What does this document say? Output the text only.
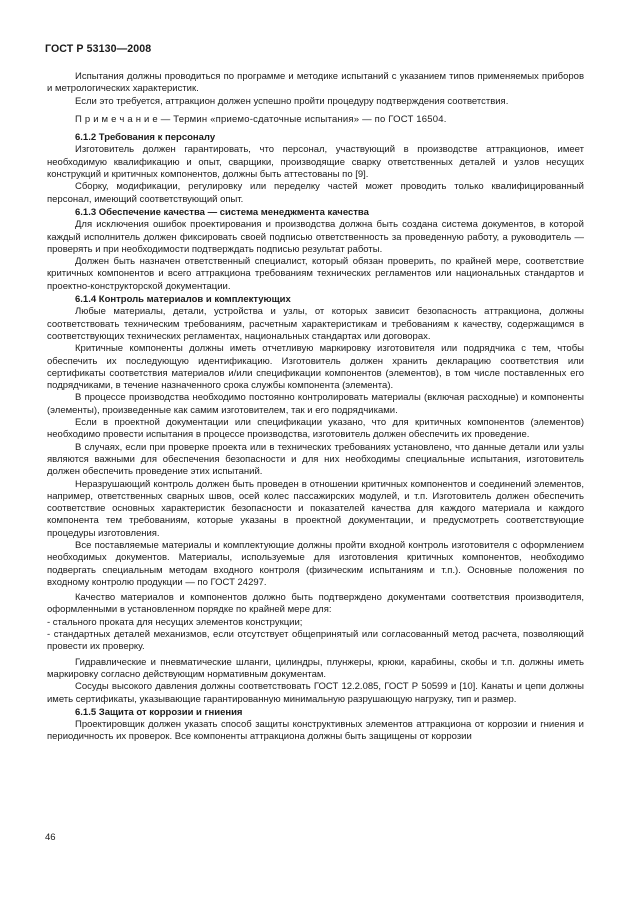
ГОСТ Р 53130—2008

Испытания должны проводиться по программе и методике испытаний с указанием типов применяемых приборов и метрологических характеристик.

Если это требуется, аттракцион должен успешно пройти процедуру подтверждения соответствия.

П р и м е ч а н и е — Термин «приемо-сдаточные испытания» — по ГОСТ 16504.

6.1.2 Требования к персоналу

Изготовитель должен гарантировать, что персонал, участвующий в производстве аттракционов, имеет необходимую квалификацию и опыт, сварщики, производящие сварку ответственных деталей и узлов несущих конструкций и критичных компонентов, должны быть аттестованы по [9].

Сборку, модификации, регулировку или переделку частей может проводить только квалифицированный персонал, имеющий соответствующий опыт.

6.1.3 Обеспечение качества — система менеджмента качества

Для исключения ошибок проектирования и производства должна быть создана система документов, в которой каждый исполнитель должен фиксировать своей подписью ответственность за проведенную работу, а руководитель — проверять и при необходимости подтверждать подписью результат работы.

Должен быть назначен ответственный специалист, который обязан проверить, по крайней мере, соответствие критичных компонентов и всего аттракциона требованиям технических регламентов или национальных стандартов и проектно-конструкторской документации.

6.1.4 Контроль материалов и комплектующих

Любые материалы, детали, устройства и узлы, от которых зависит безопасность аттракциона, должны соответствовать техническим требованиям, расчетным характеристикам и требованиям к качеству, содержащимся в соответствующих технических регламентах, национальных стандартах или договорах.

Критичные компоненты должны иметь отчетливую маркировку изготовителя или подрядчика с тем, чтобы обеспечить их последующую идентификацию. Изготовитель должен хранить декларацию соответствия или сертификаты соответствия материалов и/или спецификации компонентов (элементов), в том числе поставленных его подрядчиками, в течение назначенного срока службы компонента (элемента).

В процессе производства необходимо постоянно контролировать материалы (включая расходные) и компоненты (элементы), произведенные как самим изготовителем, так и его подрядчиками.

Если в проектной документации или спецификации указано, что для критичных компонентов (элементов) необходимо провести испытания в процессе производства, изготовитель должен обеспечить их проведение.

В случаях, если при проверке проекта или в технических требованиях установлено, что данные детали или узлы являются важными для обеспечения безопасности и для них необходимы специальные испытания, изготовитель должен обеспечить проведение этих испытаний.

Неразрушающий контроль должен быть проведен в отношении критичных компонентов и соединений элементов, например, ответственных сварных швов, осей колес пассажирских модулей, и т.п. Изготовитель должен обеспечить соответствие основных характеристик безопасности и показателей качества для каждого материала и каждого компонента тем требованиям, которые указаны в проектной документации, и предусмотреть соответствующие процедуры изготовления.

Все поставляемые материалы и комплектующие должны пройти входной контроль изготовителя с оформлением необходимых документов. Материалы, используемые для изготовления критичных компонентов, необходимо подвергать специальным методам входного контроля (физическим испытаниям и т.п.). Основные положения по входному контролю продукции — по ГОСТ 24297.

Качество материалов и компонентов должно быть подтверждено документами соответствия производителя, оформленными в установленном порядке по крайней мере для:

- стального проката для несущих элементов конструкции;

- стандартных деталей механизмов, если отсутствует общепринятый или согласованный метод расчета, позволяющий провести их проверку.

Гидравлические и пневматические шланги, цилиндры, плунжеры, крюки, карабины, скобы и т.п. должны иметь маркировку согласно действующим нормативным документам.

Сосуды высокого давления должны соответствовать ГОСТ 12.2.085, ГОСТ Р 50599 и [10]. Канаты и цепи должны иметь сертификаты, указывающие гарантированную минимальную разрушающую нагрузку, тип и размер.

6.1.5 Защита от коррозии и гниения

Проектировщик должен указать способ защиты конструктивных элементов аттракциона от коррозии и гниения и периодичность их проверок. Все компоненты аттракциона должны быть защищены от коррозии

46
